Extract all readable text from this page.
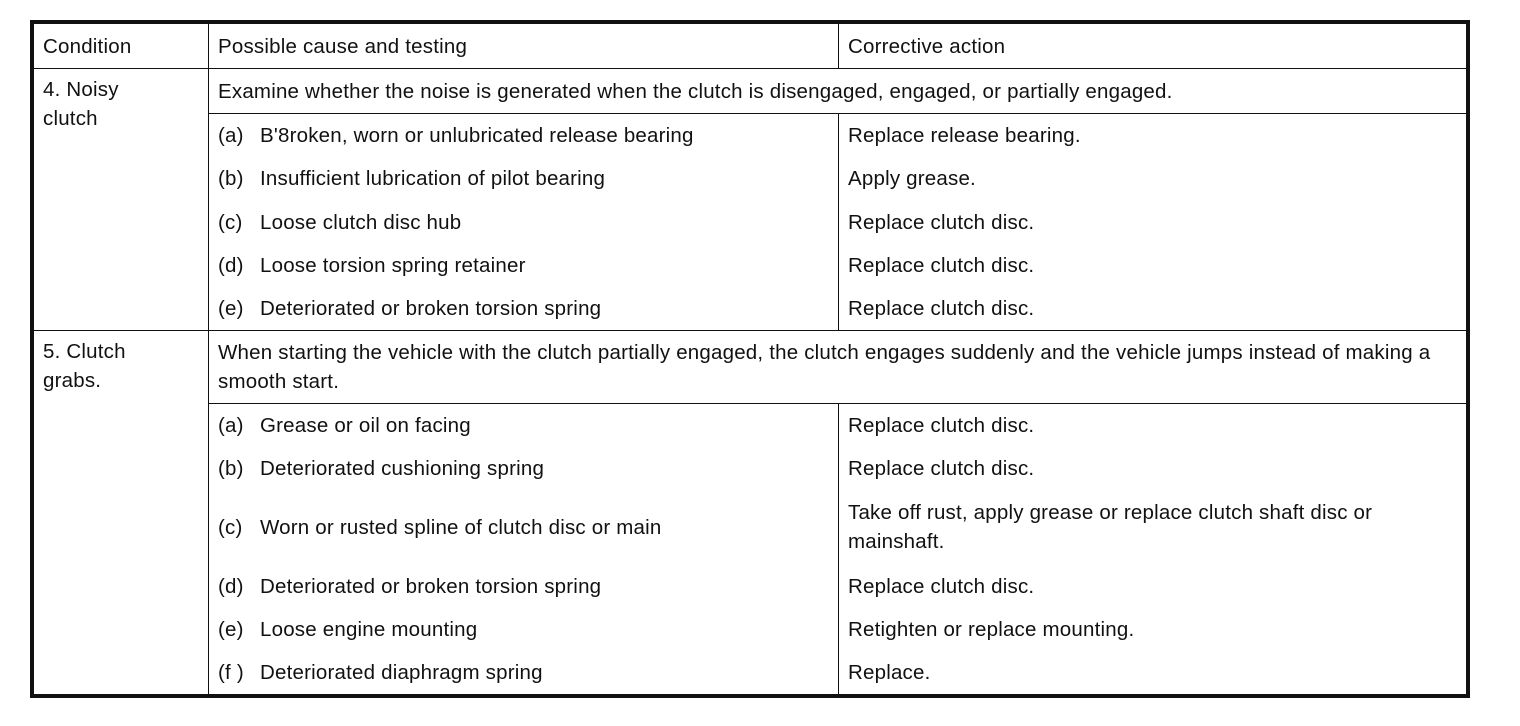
Condition	Possible cause and testing	Corrective action

4. Noisy
clutch	Examine whether the noise is generated when the clutch is disengaged, engaged, or partially engaged.	
	(a) B'8roken, worn or unlubricated release bearing	Replace release bearing.
	(b) Insufficient lubrication of pilot bearing	Apply grease.
	(c) Loose clutch disc hub	Replace clutch disc.
	(d) Loose torsion spring retainer	Replace clutch disc.
	(e) Deteriorated or broken torsion spring	Replace clutch disc.

5. Clutch
grabs.	When starting the vehicle with the clutch partially engaged, the clutch engages suddenly and the vehicle jumps instead of making a smooth start.	
	(a) Grease or oil on facing	Replace clutch disc.
	(b) Deteriorated cushioning spring	Replace clutch disc.
	(c) Worn or rusted spline of clutch disc or main	Take off rust, apply grease or replace clutch shaft disc or mainshaft.
	(d) Deteriorated or broken torsion spring	Replace clutch disc.
	(e) Loose engine mounting	Retighten or replace mounting.
	(f ) Deteriorated diaphragm spring	Replace.
